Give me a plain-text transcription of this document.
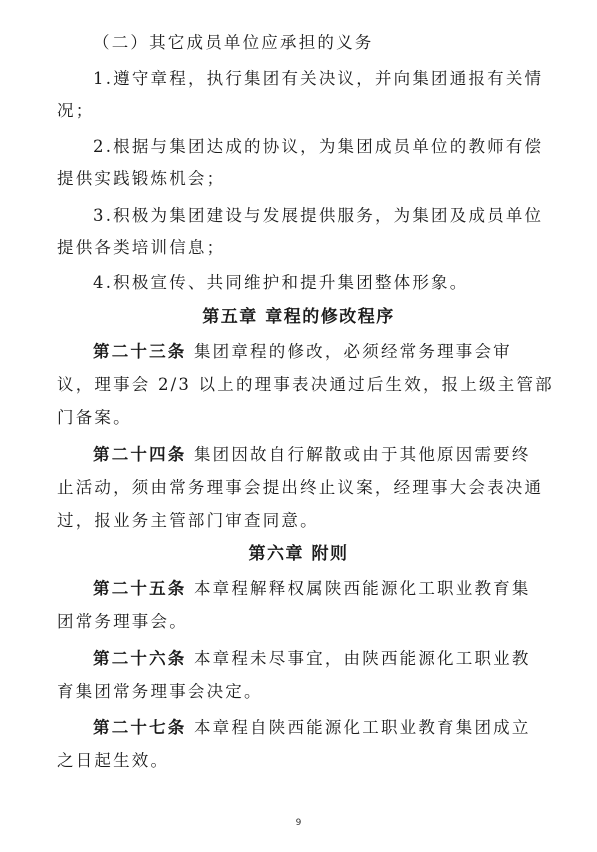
（二）其它成员单位应承担的义务
1.遵守章程，执行集团有关决议，并向集团通报有关情
况；
2.根据与集团达成的协议，为集团成员单位的教师有偿
提供实践锻炼机会；
3.积极为集团建设与发展提供服务，为集团及成员单位
提供各类培训信息；
4.积极宣传、共同维护和提升集团整体形象。
第五章 章程的修改程序
第二十三条 集团章程的修改，必须经常务理事会审
议，理事会 2/3 以上的理事表决通过后生效，报上级主管部
门备案。
第二十四条 集团因故自行解散或由于其他原因需要终
止活动，须由常务理事会提出终止议案，经理事大会表决通
过，报业务主管部门审查同意。
第六章 附则
第二十五条 本章程解释权属陕西能源化工职业教育集
团常务理事会。
第二十六条 本章程未尽事宜，由陕西能源化工职业教
育集团常务理事会决定。
第二十七条 本章程自陕西能源化工职业教育集团成立
之日起生效。
9
